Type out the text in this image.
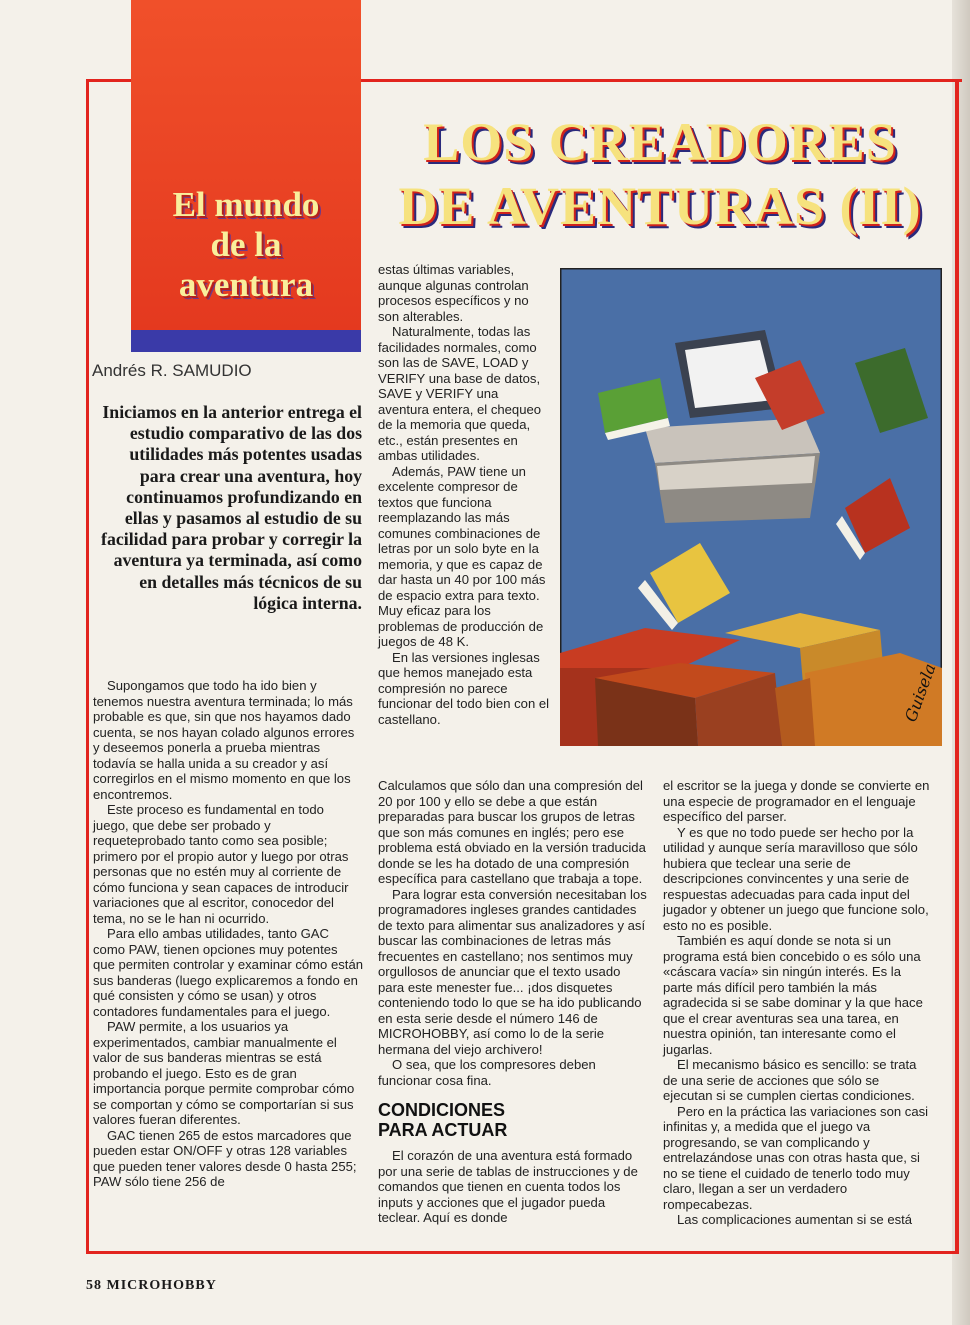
El mundo
de la
aventura
LOS CREADORES
DE AVENTURAS (II)
Andrés R. SAMUDIO
Iniciamos en la anterior entrega el estudio comparativo de las dos utilidades más potentes usadas para crear una aventura, hoy continuamos profundizando en ellas y pasamos al estudio de su facilidad para probar y corregir la aventura ya terminada, así como en detalles más técnicos de su lógica interna.

Supongamos que todo ha ido bien y tenemos nuestra aventura terminada; lo más probable es que, sin que nos hayamos dado cuenta, se nos hayan colado algunos errores y deseemos ponerla a prueba mientras todavía se halla unida a su creador y así corregirlos en el mismo momento en que los encontremos.

Este proceso es fundamental en todo juego, que debe ser probado y requeteprobado tanto como sea posible; primero por el propio autor y luego por otras personas que no estén muy al corriente de cómo funciona y sean capaces de introducir variaciones que al escritor, conocedor del tema, no se le han ni ocurrido.

Para ello ambas utilidades, tanto GAC como PAW, tienen opciones muy potentes que permiten controlar y examinar cómo están sus banderas (luego explicaremos a fondo en qué consisten y cómo se usan) y otros contadores fundamentales para el juego.

PAW permite, a los usuarios ya experimentados, cambiar manualmente el valor de sus banderas mientras se está probando el juego. Esto es de gran importancia porque permite comprobar cómo se comportan y cómo se comportarían si sus valores fueran diferentes.

GAC tienen 265 de estos marcadores que pueden estar ON/OFF y otras 128 variables que pueden tener valores desde 0 hasta 255; PAW sólo tiene 256 de

estas últimas variables, aunque algunas controlan procesos específicos y no son alterables.

Naturalmente, todas las facilidades normales, como son las de SAVE, LOAD y VERIFY una base de datos, SAVE y VERIFY una aventura entera, el chequeo de la memoria que queda, etc., están presentes en ambas utilidades.

Además, PAW tiene un excelente compresor de textos que funciona reemplazando las más comunes combinaciones de letras por un solo byte en la memoria, y que es capaz de dar hasta un 40 por 100 más de espacio extra para texto. Muy eficaz para los problemas de producción de juegos de 48 K.

En las versiones inglesas que hemos manejado esta compresión no parece funcionar del todo bien con el castellano.

Calculamos que sólo dan una compresión del 20 por 100 y ello se debe a que están preparadas para buscar los grupos de letras que son más comunes en inglés; pero ese problema está obviado en la versión traducida donde se les ha dotado de una compresión específica para castellano que trabaja a tope.

Para lograr esta conversión necesitaban los programadores ingleses grandes cantidades de texto para alimentar sus analizadores y así buscar las combinaciones de letras más frecuentes en castellano; nos sentimos muy orgullosos de anunciar que el texto usado para este menester fue... ¡dos disquetes conteniendo todo lo que se ha ido publicando en esta serie desde el número 146 de MICROHOBBY, así como lo de la serie hermana del viejo archivero!

O sea, que los compresores deben funcionar cosa fina.

CONDICIONES
PARA ACTUAR

El corazón de una aventura está formado por una serie de tablas de instrucciones y de comandos que tienen en cuenta todos los inputs y acciones que el jugador pueda teclear. Aquí es donde

el escritor se la juega y donde se convierte en una especie de programador en el lenguaje específico del parser.

Y es que no todo puede ser hecho por la utilidad y aunque sería maravilloso que sólo hubiera que teclear una serie de descripciones convincentes y una serie de respuestas adecuadas para cada input del jugador y obtener un juego que funcione solo, esto no es posible.

También es aquí donde se nota si un programa está bien concebido o es sólo una «cáscara vacía» sin ningún interés. Es la parte más difícil pero también la más agradecida si se sabe dominar y la que hace que el crear aventuras sea una tarea, en nuestra opinión, tan interesante como el jugarlas.

El mecanismo básico es sencillo: se trata de una serie de acciones que sólo se ejecutan si se cumplen ciertas condiciones.

Pero en la práctica las variaciones son casi infinitas y, a medida que el juego va progresando, se van complicando y entrelazándose unas con otras hasta que, si no se tiene el cuidado de tenerlo todo muy claro, llegan a ser un verdadero rompecabezas.

Las complicaciones aumentan si se está

Guisela
58 MICROHOBBY
